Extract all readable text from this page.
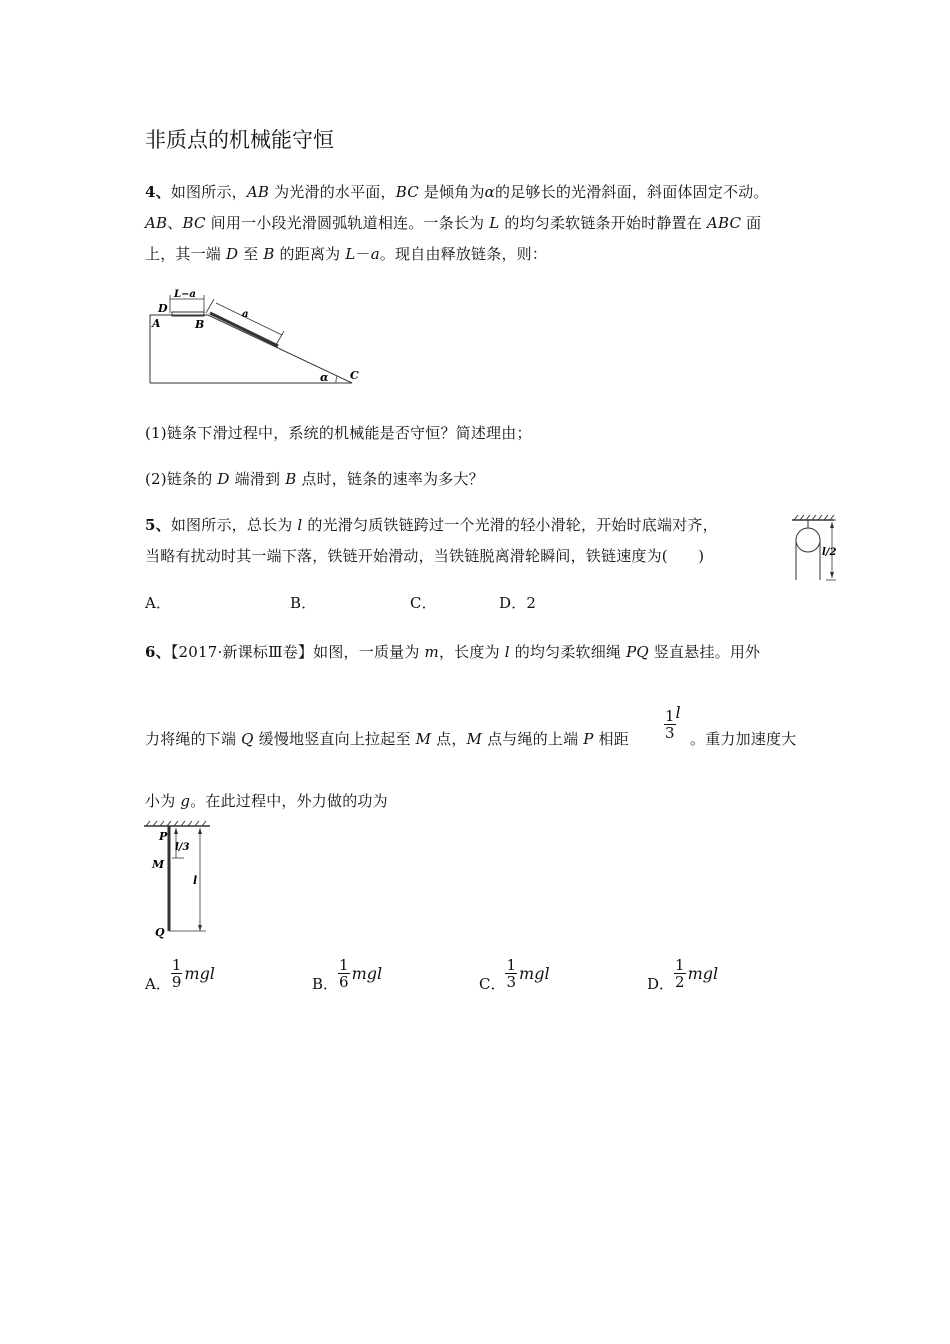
非质点的机械能守恒
4、如图所示，AB 为光滑的水平面，BC 是倾角为α的足够长的光滑斜面，斜面体固定不动。
AB、BC 间用一小段光滑圆弧轨道相连。一条长为 L 的均匀柔软链条开始时静置在 ABC 面
上，其一端 D 至 B 的距离为 L－a。现自由释放链条，则：
D
A	B
L−a
a
α C
(1)链条下滑过程中，系统的机械能是否守恒？简述理由；
(2)链条的 D 端滑到 B 点时，链条的速率为多大？
5、如图所示，总长为 l 的光滑匀质铁链跨过一个光滑的轻小滑轮，开始时底端对齐，
当略有扰动时其一端下落，铁链开始滑动，当铁链脱离滑轮瞬间，铁链速度为(　　)	l/2
A．	B．	C．	D．2
6、【2017·新课标Ⅲ卷】如图，一质量为 m，长度为 l 的均匀柔软细绳 PQ 竖直悬挂。用外
力将绳的下端 Q 缓慢地竖直向上拉起至 M 点，M 点与绳的上端 P 相距 $\frac{1}{3}$ l
。重力加速度大
小为 g。在此过程中，外力做的功为
P
M
Q
l/3
l
A． $\frac{1}{9}$ mgl
B． $\frac{1}{6}$ mgl
C． $\frac{1}{3}$ mgl
D． $\frac{1}{2}$ mgl
